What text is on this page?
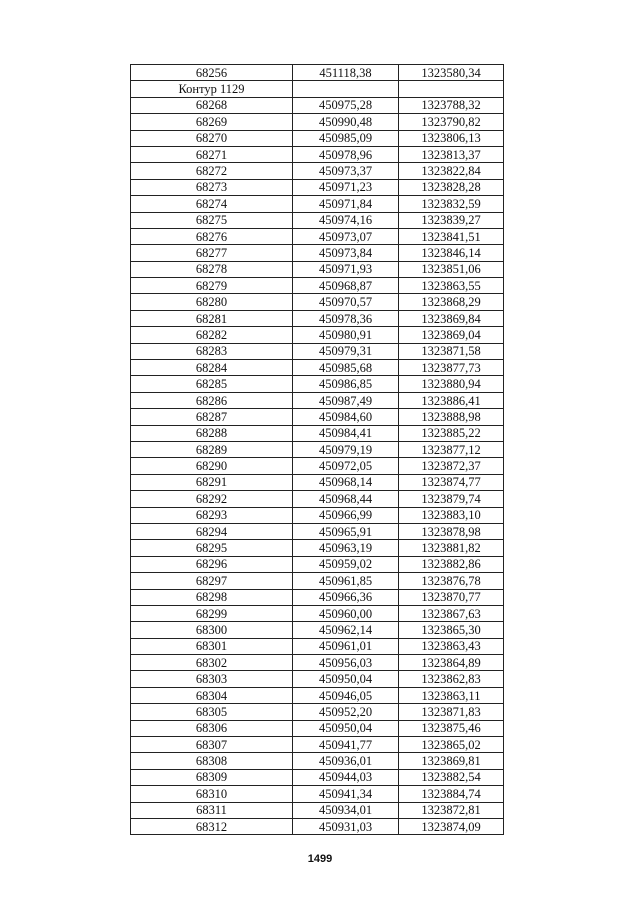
68256	451118,38	1323580,34
Контур 1129		
68268	450975,28	1323788,32
68269	450990,48	1323790,82
68270	450985,09	1323806,13
68271	450978,96	1323813,37
68272	450973,37	1323822,84
68273	450971,23	1323828,28
68274	450971,84	1323832,59
68275	450974,16	1323839,27
68276	450973,07	1323841,51
68277	450973,84	1323846,14
68278	450971,93	1323851,06
68279	450968,87	1323863,55
68280	450970,57	1323868,29
68281	450978,36	1323869,84
68282	450980,91	1323869,04
68283	450979,31	1323871,58
68284	450985,68	1323877,73
68285	450986,85	1323880,94
68286	450987,49	1323886,41
68287	450984,60	1323888,98
68288	450984,41	1323885,22
68289	450979,19	1323877,12
68290	450972,05	1323872,37
68291	450968,14	1323874,77
68292	450968,44	1323879,74
68293	450966,99	1323883,10
68294	450965,91	1323878,98
68295	450963,19	1323881,82
68296	450959,02	1323882,86
68297	450961,85	1323876,78
68298	450966,36	1323870,77
68299	450960,00	1323867,63
68300	450962,14	1323865,30
68301	450961,01	1323863,43
68302	450956,03	1323864,89
68303	450950,04	1323862,83
68304	450946,05	1323863,11
68305	450952,20	1323871,83
68306	450950,04	1323875,46
68307	450941,77	1323865,02
68308	450936,01	1323869,81
68309	450944,03	1323882,54
68310	450941,34	1323884,74
68311	450934,01	1323872,81
68312	450931,03	1323874,09
1499
